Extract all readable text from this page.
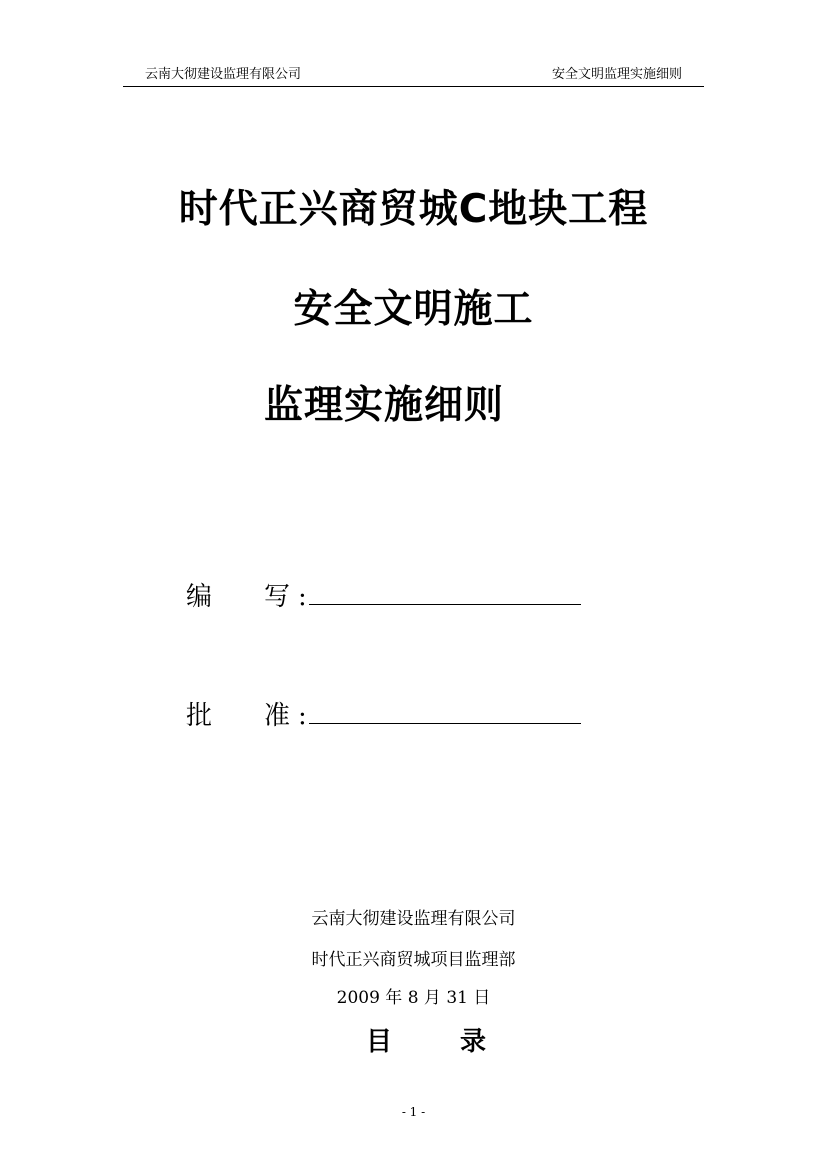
云南大彻建设监理有限公司	安全文明监理实施细则
时代正兴商贸城C地块工程
安全文明施工
监理实施细则
编 写 :
批 准 :
云南大彻建设监理有限公司
时代正兴商贸城项目监理部
2009 年 8 月 31 日
目	录
- 1 -
